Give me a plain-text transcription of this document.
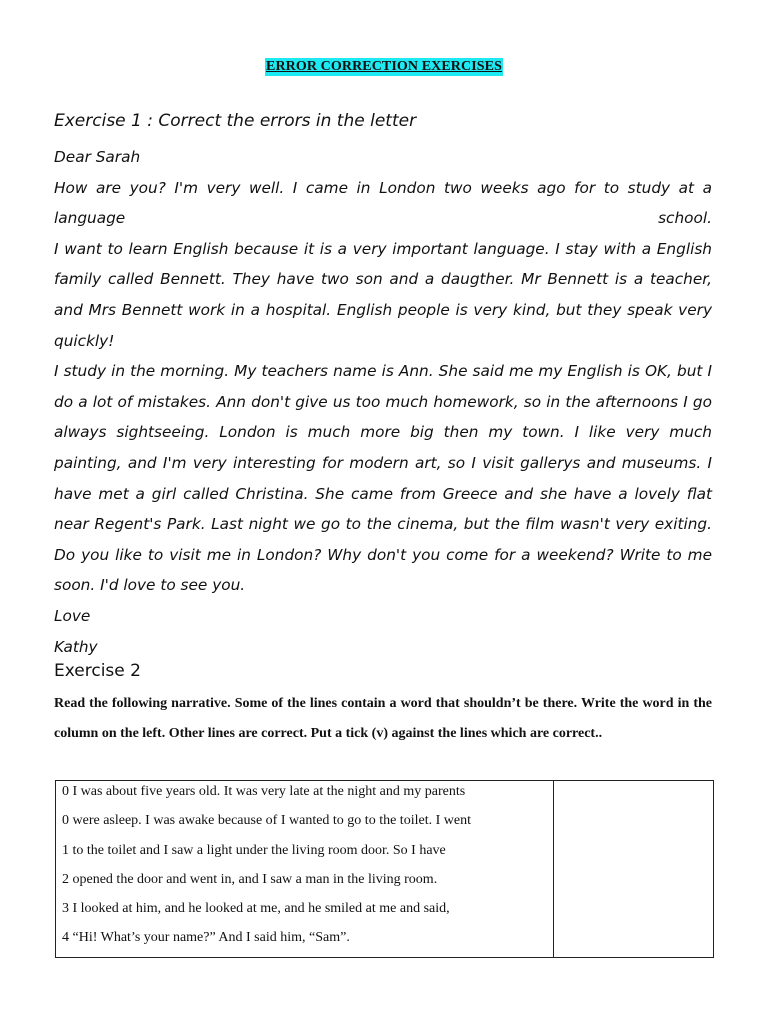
ERROR CORRECTION EXERCISES
Exercise 1 : Correct the errors in the letter

Dear Sarah

How are you? I'm very well. I came in London two weeks ago for to study at a language school.

I want to learn English because it is a very important language. I stay with a English family called Bennett. They have two son and a daugther. Mr Bennett is a teacher, and Mrs Bennett work in a hospital. English people is very kind, but they speak very quickly!

I study in the morning. My teachers name is Ann. She said me my English is OK, but I do a lot of mistakes. Ann don't give us too much homework, so in the afternoons I go always sightseeing. London is much more big then my town. I like very much painting, and I'm very interesting for modern art, so I visit gallerys and museums. I have met a girl called Christina. She came from Greece and she have a lovely flat near Regent's Park. Last night we go to the cinema, but the film wasn't very exiting. Do you like to visit me in London? Why don't you come for a weekend? Write to me soon. I'd love to see you.

Love

Kathy

Exercise 2

Read the following narrative. Some of the lines contain a word that shouldn’t be there. Write the word in the column on the left. Other lines are correct. Put a tick (v) against the lines which are correct..

0 I was about five years old. It was very late at the night and my parents
0 were asleep. I was awake because of I wanted to go to the toilet. I went
1 to the toilet and I saw a light under the living room door. So I have
2 opened the door and went in, and I saw a man in the living room.
3 I looked at him, and he looked at me, and he smiled at me and said,
4 “Hi! What’s your name?” And I said him, “Sam”.
